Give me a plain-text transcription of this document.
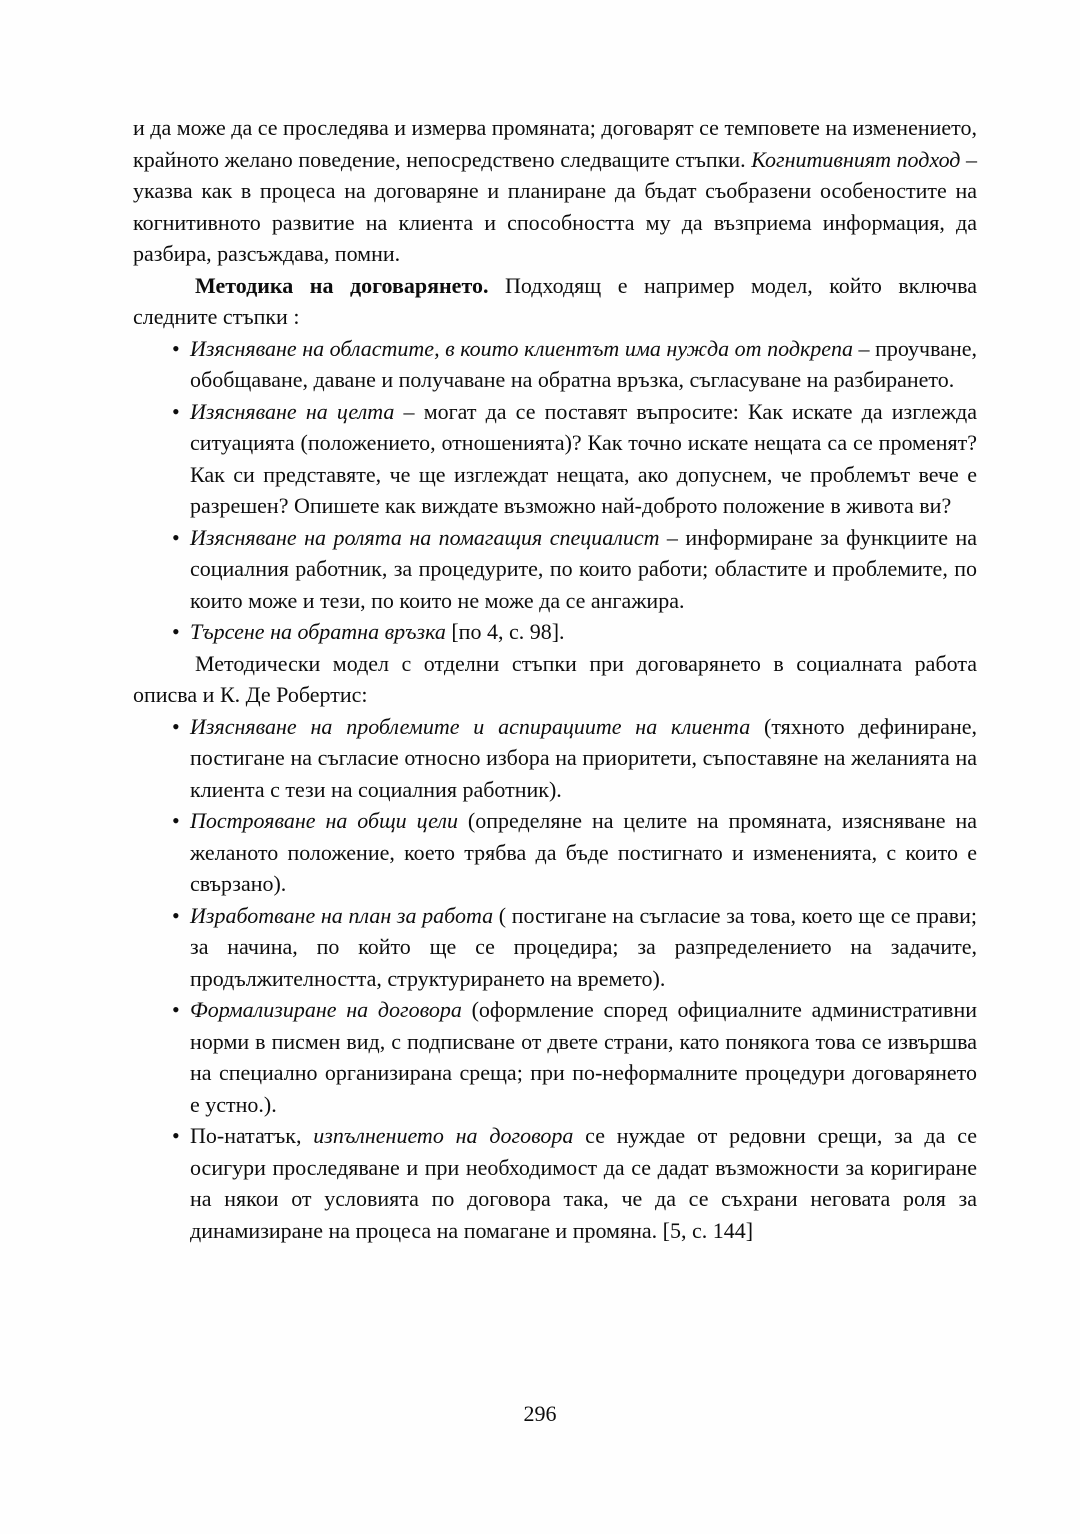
и да може да се проследява и измерва промяната; договарят се темповете на изменението, крайното желано поведение, непосредствено следващите стъпки. Когнитивният подход – указва как в процеса на договаряне и планиране да бъдат съобразени особеностите на когнитивното развитие на клиента и способността му да възприема информация, да разбира, разсъждава, помни.

Методика на договарянето. Подходящ е например модел, който включва следните стъпки :

• Изясняване на областите, в които клиентът има нужда от подкрепа – проучване, обобщаване, даване и получаване на обратна връзка, съгласуване на разбирането.
• Изясняване на целта – могат да се поставят въпросите: Как искате да изглежда ситуацията (положението, отношенията)? Как точно искате нещата са се променят? Как си представяте, че ще изглеждат нещата, ако допуснем, че проблемът вече е разрешен? Опишете как виждате възможно най-доброто положение в живота ви?
• Изясняване на ролята на помагащия специалист – информиране за функциите на социалния работник, за процедурите, по които работи; областите и проблемите, по които може и тези, по които не може да се ангажира.
• Търсене на обратна връзка [по 4, с. 98].

Методически модел с отделни стъпки при договарянето в социалната работа описва и К. Де Робертис:

• Изясняване на проблемите и аспирациите на клиента (тяхното дефиниране, постигане на съгласие относно избора на приоритети, съпоставяне на желанията на клиента с тези на социалния работник).
• Построяване на общи цели (определяне на целите на промяната, изясняване на желаното положение, което трябва да бъде постигнато и измененията, с които е свързано).
• Изработване на план за работа ( постигане на съгласие за това, което ще се прави; за начина, по който ще се процедира; за разпределението на задачите, продължителността, структурирането на времето).
• Формализиране на договора (оформление според официалните административни норми в писмен вид, с подписване от двете страни, като понякога това се извършва на специално организирана среща; при по-неформалните процедури договарянето е устно.).
• По-нататък, изпълнението на договора се нуждае от редовни срещи, за да се осигури проследяване и при необходимост да се дадат възможности за коригиране на някои от условията по договора така, че да се съхрани неговата роля за динамизиране на процеса на помагане и промяна. [5, с. 144]
296
